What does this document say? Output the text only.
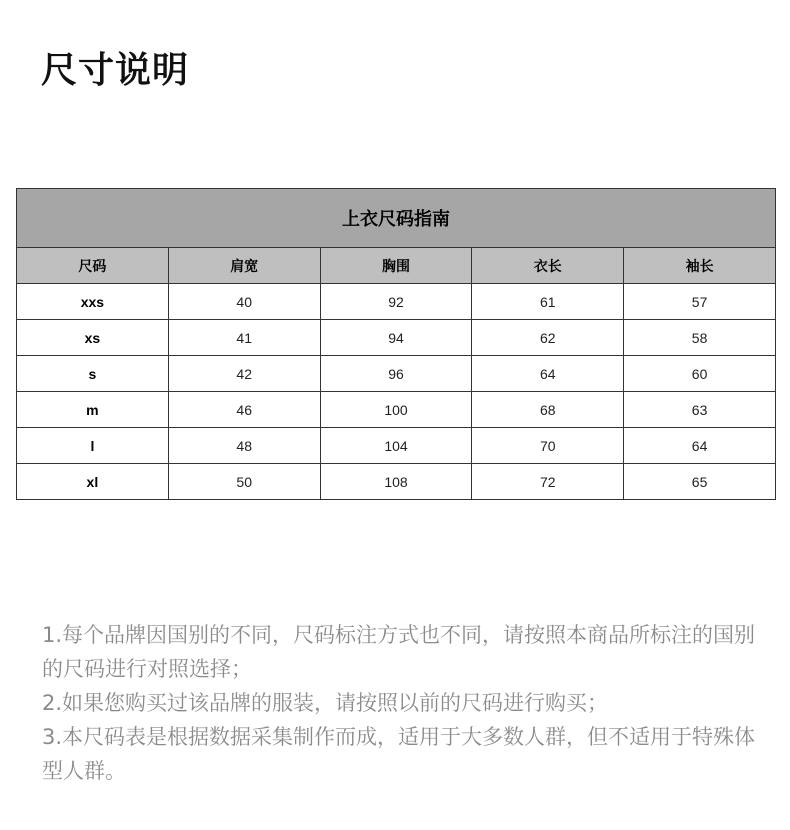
尺寸说明
上衣尺码指南				
尺码	肩宽	胸围	衣长	袖长
xxs	40	92	61	57
xs	41	94	62	58
s	42	96	64	60
m	46	100	68	63
l	48	104	70	64
xl	50	108	72	65

1.每个品牌因国别的不同，尺码标注方式也不同，请按照本商品所标注的国别的尺码进行对照选择；

2.如果您购买过该品牌的服装，请按照以前的尺码进行购买；

3.本尺码表是根据数据采集制作而成，适用于大多数人群，但不适用于特殊体型人群。
